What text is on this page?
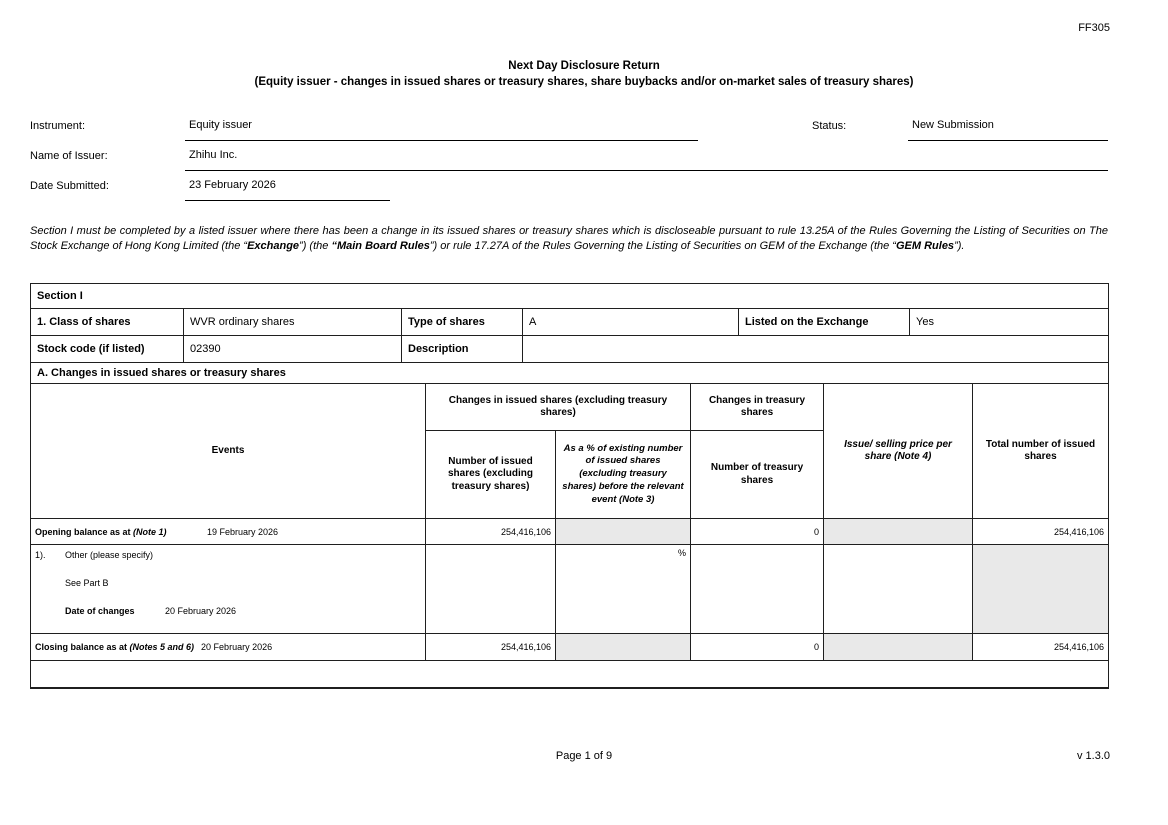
FF305
Next Day Disclosure Return
(Equity issuer - changes in issued shares or treasury shares, share buybacks and/or on-market sales of treasury shares)
Instrument:	Equity issuer	Status:	New Submission
Name of Issuer:	Zhihu Inc.
Date Submitted:	23 February 2026
Section I must be completed by a listed issuer where there has been a change in its issued shares or treasury shares which is discloseable pursuant to rule 13.25A of the Rules Governing the Listing of Securities on The Stock Exchange of Hong Kong Limited (the “Exchange”) (the “Main Board Rules”) or rule 17.27A of the Rules Governing the Listing of Securities on GEM of the Exchange (the “GEM Rules”).
Section I					
1. Class of shares	WVR ordinary shares	Type of shares	A	Listed on the Exchange	Yes
Stock code (if listed)	02390	Description			
A. Changes in issued shares or treasury shares					
Events	Changes in issued shares (excluding treasury shares)		Changes in treasury shares	Issue/ selling price per share (Note 4)	Total number of issued shares
	Number of issued shares (excluding treasury shares)	As a % of existing number of issued shares (excluding treasury shares) before the relevant event (Note 3)	Number of treasury shares		
Opening balance as at (Note 1) 19 February 2026	254,416,106		0		254,416,106

1). Other (please specify)
See Part B
Date of changes 20 February 2026		%			
Closing balance as at (Notes 5 and 6) 20 February 2026	254,416,106		0		254,416,106

Page 1 of 9	v 1.3.0
